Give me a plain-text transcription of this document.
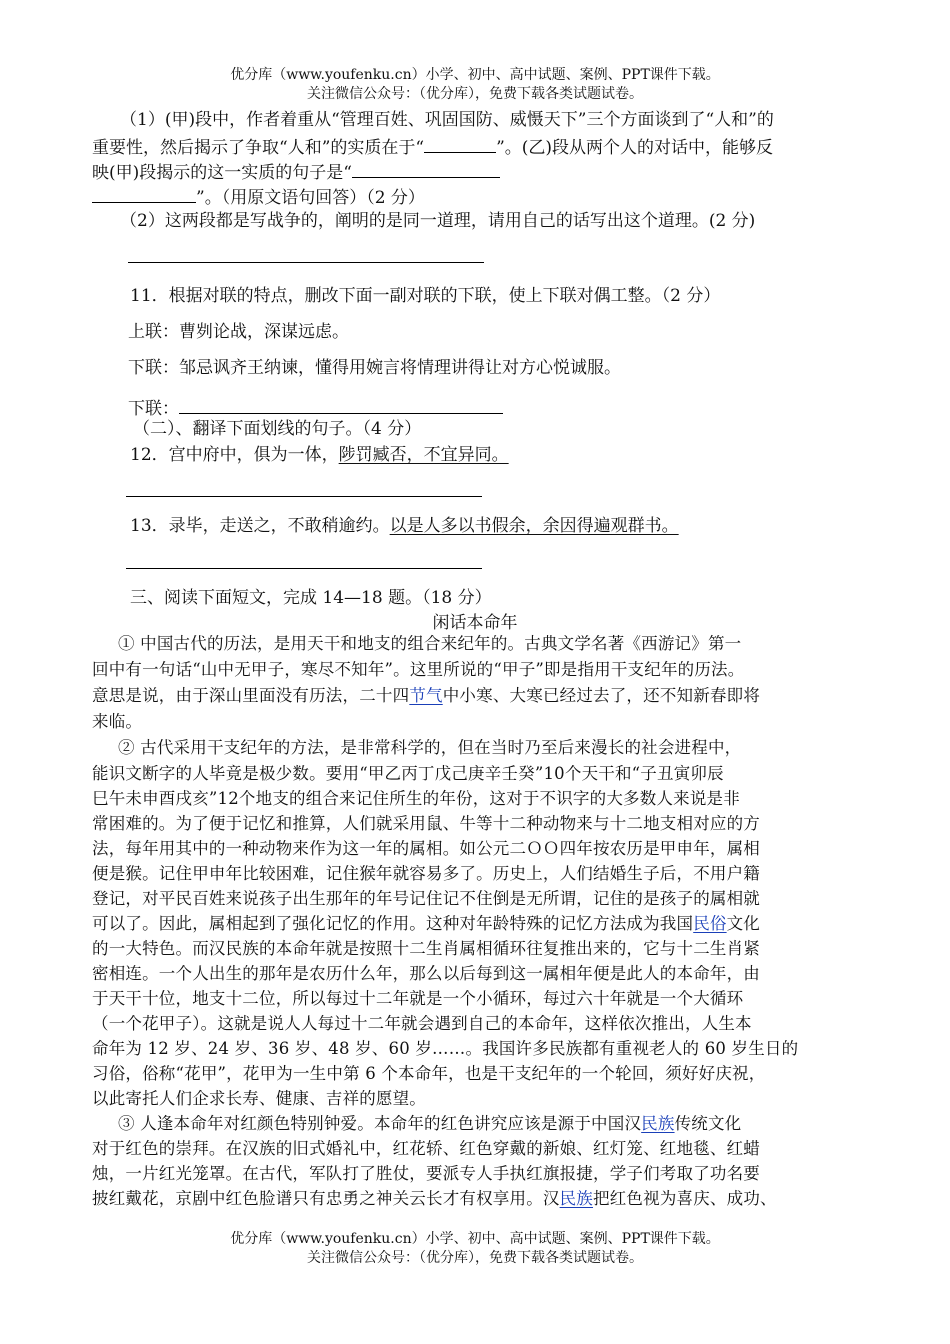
优分库（www.youfenku.cn）小学、初中、高中试题、案例、PPT课件下载。
关注微信公众号：（优分库），免费下载各类试题试卷。
（1）(甲)段中，作者着重从“管理百姓、巩固国防、威慑天下”三个方面谈到了“人和”的
重要性，然后揭示了争取“人和”的实质在于“	”。(乙)段从两个人的对话中，能够反
映(甲)段揭示的这一实质的句子是“
”。（用原文语句回答）（2 分）
（2）这两段都是写战争的，阐明的是同一道理，请用自己的话写出这个道理。(2 分)
11．根据对联的特点，删改下面一副对联的下联，使上下联对偶工整。（2 分）
上联：曹刿论战，深谋远虑。
下联：邹忌讽齐王纳谏，懂得用婉言将情理讲得让对方心悦诚服。
下联：
（二）、翻译下面划线的句子。（4 分）
12．宫中府中，俱为一体，陟罚臧否，不宜异同。
13．录毕，走送之，不敢稍逾约。以是人多以书假余，余因得遍观群书。
三、阅读下面短文，完成 14—18 题。（18 分）
闲话本命年
① 中国古代的历法，是用天干和地支的组合来纪年的。古典文学名著《西游记》第一
回中有一句话“山中无甲子，寒尽不知年”。这里所说的“甲子”即是指用干支纪年的历法。
意思是说，由于深山里面没有历法，二十四节气中小寒、大寒已经过去了，还不知新春即将
来临。
② 古代采用干支纪年的方法，是非常科学的，但在当时乃至后来漫长的社会进程中，
能识文断字的人毕竟是极少数。要用“甲乙丙丁戊己庚辛壬癸”10个天干和“子丑寅卯辰
巳午未申酉戌亥”12个地支的组合来记住所生的年份，这对于不识字的大多数人来说是非
常困难的。为了便于记忆和推算，人们就采用鼠、牛等十二种动物来与十二地支相对应的方
法，每年用其中的一种动物来作为这一年的属相。如公元二ＯＯ四年按农历是甲申年，属相
便是猴。记住甲申年比较困难，记住猴年就容易多了。历史上，人们结婚生子后，不用户籍
登记，对平民百姓来说孩子出生那年的年号记住记不住倒是无所谓，记住的是孩子的属相就
可以了。因此，属相起到了强化记忆的作用。这种对年龄特殊的记忆方法成为我国民俗文化
的一大特色。而汉民族的本命年就是按照十二生肖属相循环往复推出来的，它与十二生肖紧
密相连。一个人出生的那年是农历什么年，那么以后每到这一属相年便是此人的本命年，由
于天干十位，地支十二位，所以每过十二年就是一个小循环，每过六十年就是一个大循环
（一个花甲子）。这就是说人人每过十二年就会遇到自己的本命年，这样依次推出，人生本
命年为 12 岁、24 岁、36 岁、48 岁、60 岁……。我国许多民族都有重视老人的 60 岁生日的
习俗，俗称“花甲”，花甲为一生中第 6 个本命年，也是干支纪年的一个轮回，须好好庆祝，
以此寄托人们企求长寿、健康、吉祥的愿望。
③ 人逢本命年对红颜色特别钟爱。本命年的红色讲究应该是源于中国汉民族传统文化
对于红色的崇拜。在汉族的旧式婚礼中，红花轿、红色穿戴的新娘、红灯笼、红地毯、红蜡
烛，一片红光笼罩。在古代，军队打了胜仗，要派专人手执红旗报捷，学子们考取了功名要
披红戴花，京剧中红色脸谱只有忠勇之神关云长才有权享用。汉民族把红色视为喜庆、成功、
优分库（www.youfenku.cn）小学、初中、高中试题、案例、PPT课件下载。
关注微信公众号：（优分库），免费下载各类试题试卷。
